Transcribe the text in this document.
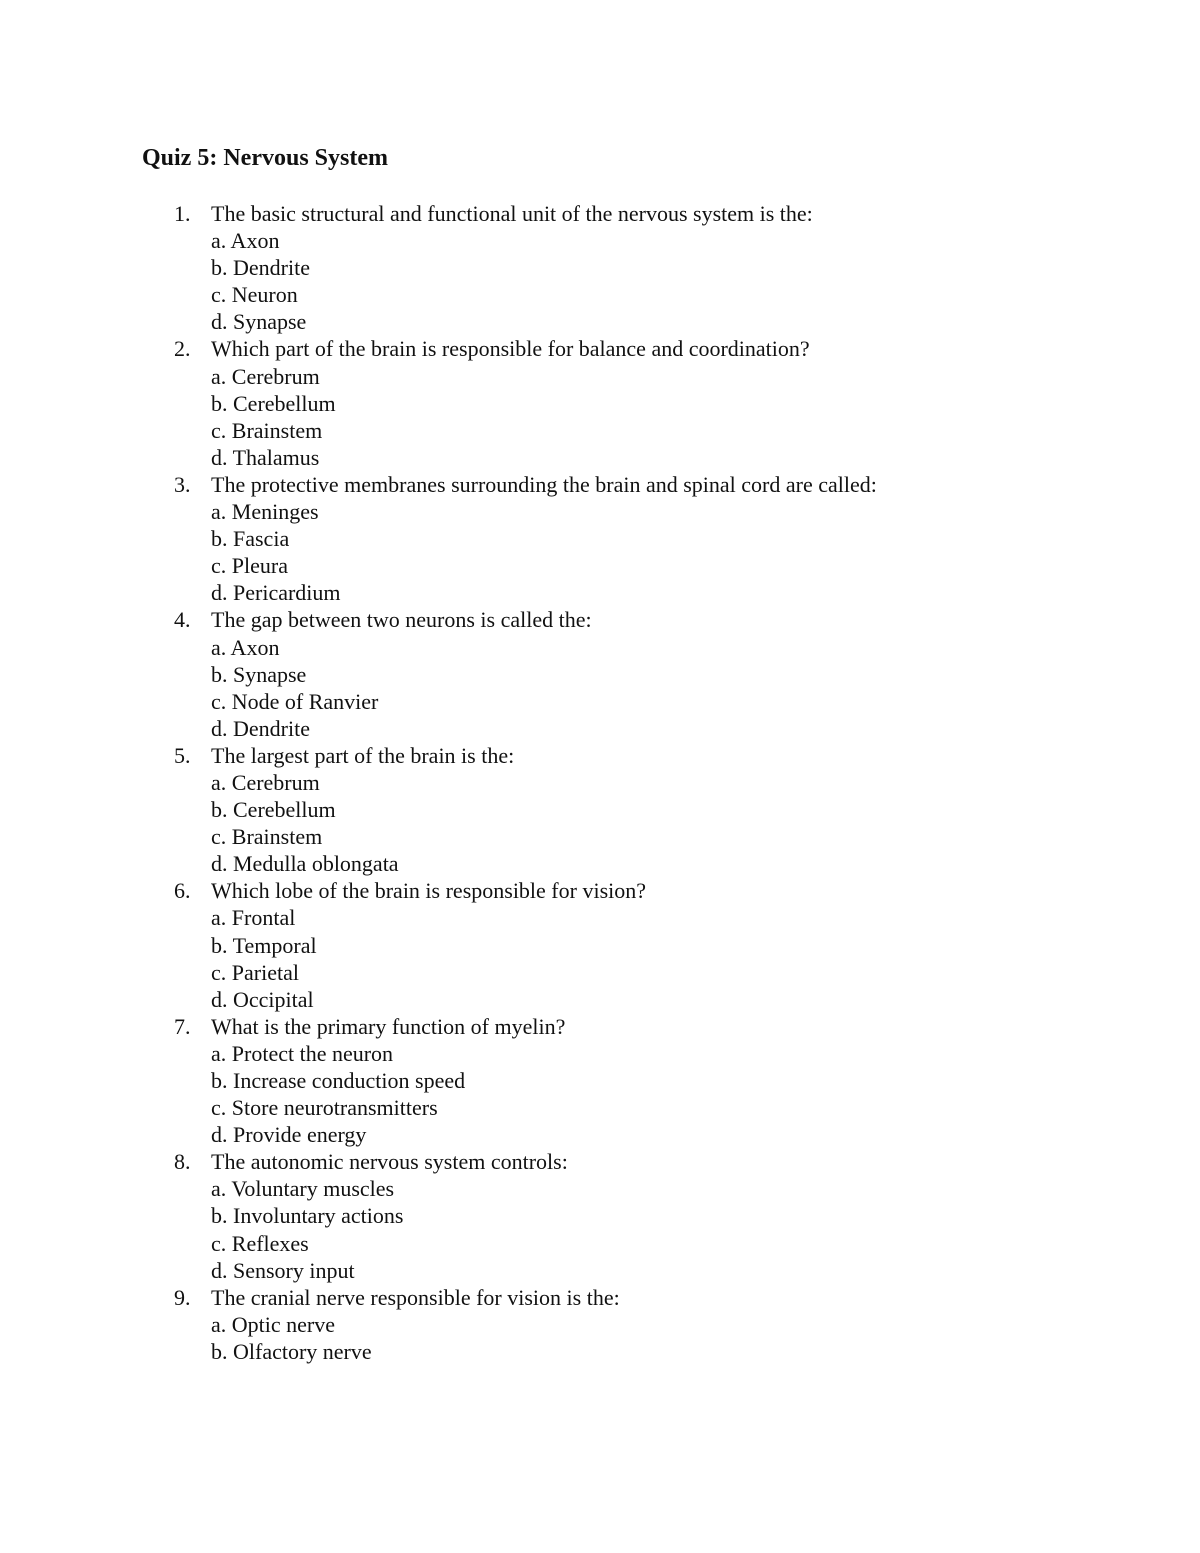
Quiz 5: Nervous System
1. The basic structural and functional unit of the nervous system is the:
a. Axon
b. Dendrite
c. Neuron
d. Synapse
2. Which part of the brain is responsible for balance and coordination?
a. Cerebrum
b. Cerebellum
c. Brainstem
d. Thalamus
3. The protective membranes surrounding the brain and spinal cord are called:
a. Meninges
b. Fascia
c. Pleura
d. Pericardium
4. The gap between two neurons is called the:
a. Axon
b. Synapse
c. Node of Ranvier
d. Dendrite
5. The largest part of the brain is the:
a. Cerebrum
b. Cerebellum
c. Brainstem
d. Medulla oblongata
6. Which lobe of the brain is responsible for vision?
a. Frontal
b. Temporal
c. Parietal
d. Occipital
7. What is the primary function of myelin?
a. Protect the neuron
b. Increase conduction speed
c. Store neurotransmitters
d. Provide energy
8. The autonomic nervous system controls:
a. Voluntary muscles
b. Involuntary actions
c. Reflexes
d. Sensory input
9. The cranial nerve responsible for vision is the:
a. Optic nerve
b. Olfactory nerve
